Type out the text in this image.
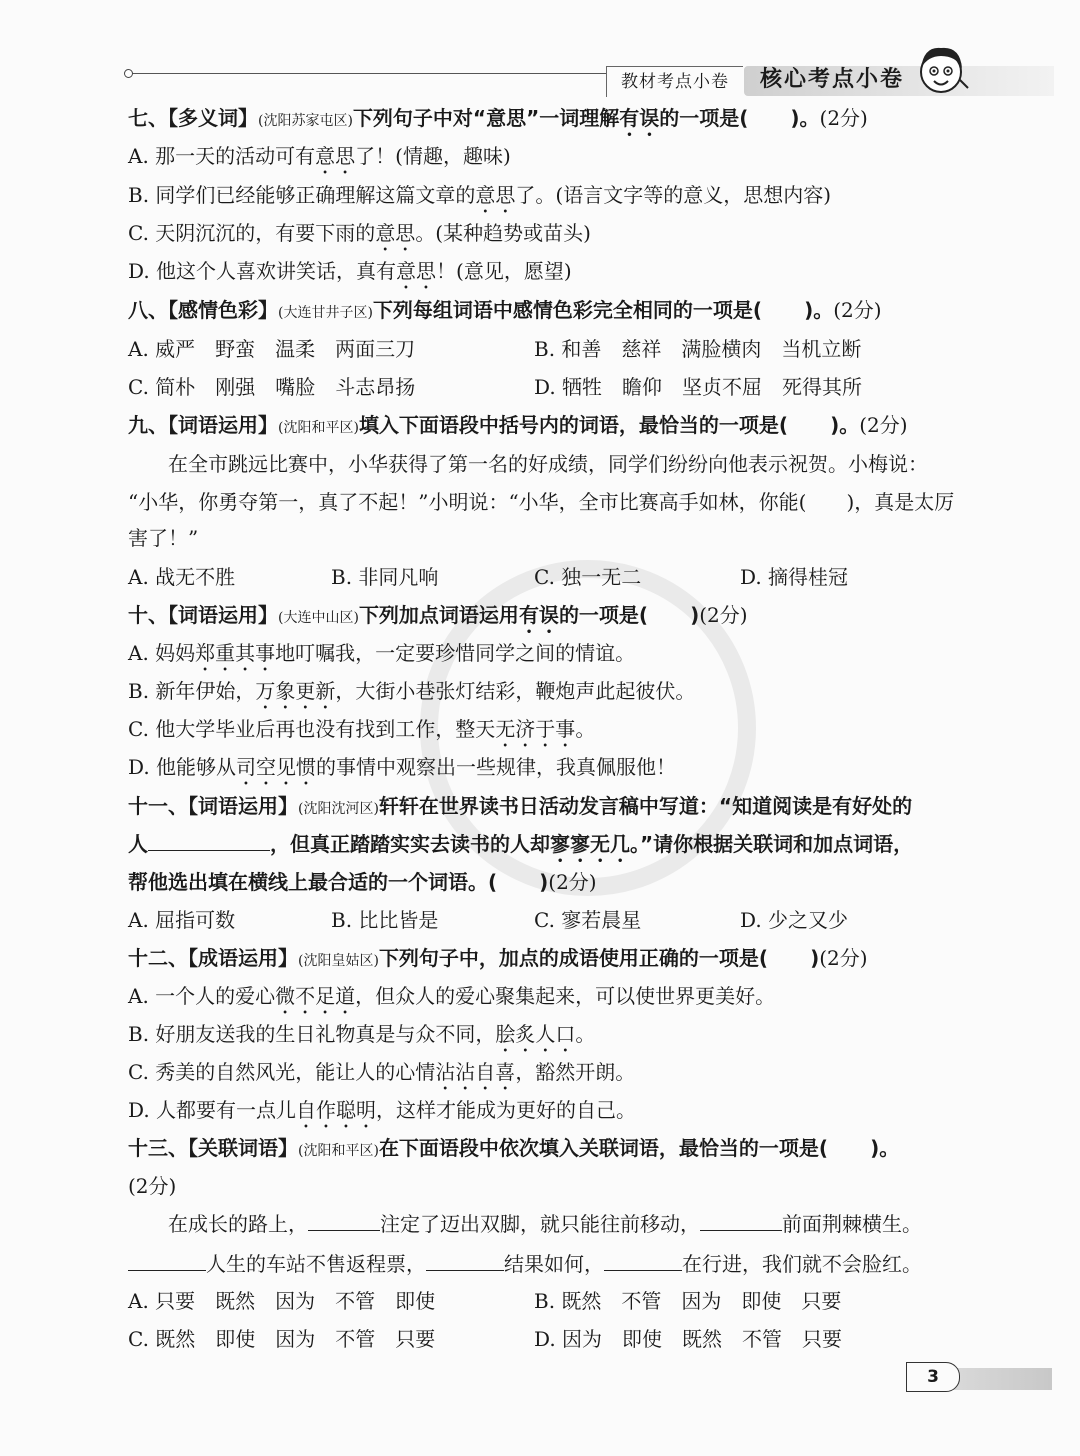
教材考点小卷	核心考点小卷
七、【多义词】(沈阳苏家屯区)下列句子中对“意思”一词理解有误的一项是( )。(2分)
A. 那一天的活动可有意思了！(情趣，趣味)
B. 同学们已经能够正确理解这篇文章的意思了。(语言文字等的意义，思想内容)
C. 天阴沉沉的，有要下雨的意思。(某种趋势或苗头)
D. 他这个人喜欢讲笑话，真有意思！(意见，愿望)
八、【感情色彩】(大连甘井子区)下列每组词语中感情色彩完全相同的一项是( )。(2分)
A. 威严　野蛮　温柔　两面三刀	B. 和善　慈祥　满脸横肉　当机立断
C. 简朴　刚强　嘴脸　斗志昂扬	D. 牺牲　瞻仰　坚贞不屈　死得其所
九、【词语运用】(沈阳和平区)填入下面语段中括号内的词语，最恰当的一项是( )。(2分)
在全市跳远比赛中，小华获得了第一名的好成绩，同学们纷纷向他表示祝贺。小梅说：
“小华，你勇夺第一，真了不起！”小明说：“小华，全市比赛高手如林，你能(　　)，真是太厉
害了！”
A. 战无不胜	B. 非同凡响	C. 独一无二	D. 摘得桂冠
十、【词语运用】(大连中山区)下列加点词语运用有误的一项是( )(2分)
A. 妈妈郑重其事地叮嘱我，一定要珍惜同学之间的情谊。
B. 新年伊始，万象更新，大街小巷张灯结彩，鞭炮声此起彼伏。
C. 他大学毕业后再也没有找到工作，整天无济于事。
D. 他能够从司空见惯的事情中观察出一些规律，我真佩服他！
十一、【词语运用】(沈阳沈河区)轩轩在世界读书日活动发言稿中写道：“知道阅读是有好处的
人	，但真正踏踏实实去读书的人却寥寥无几。”请你根据关联词和加点词语，
帮他选出填在横线上最合适的一个词语。( )(2分)
A. 屈指可数	B. 比比皆是	C. 寥若晨星	D. 少之又少
十二、【成语运用】(沈阳皇姑区)下列句子中，加点的成语使用正确的一项是( )(2分)
A. 一个人的爱心微不足道，但众人的爱心聚集起来，可以使世界更美好。
B. 好朋友送我的生日礼物真是与众不同，脍炙人口。
C. 秀美的自然风光，能让人的心情沾沾自喜，豁然开朗。
D. 人都要有一点儿自作聪明，这样才能成为更好的自己。
十三、【关联词语】(沈阳和平区)在下面语段中依次填入关联词语，最恰当的一项是( )。
(2分)
在成长的路上，	注定了迈出双脚，就只能往前移动，	前面荆棘横生。
人生的车站不售返程票，	结果如何，	在行进，我们就不会脸红。
A. 只要　既然　因为　不管　即使	B. 既然　不管　因为　即使　只要
C. 既然　即使　因为　不管　只要	D. 因为　即使　既然　不管　只要
3
